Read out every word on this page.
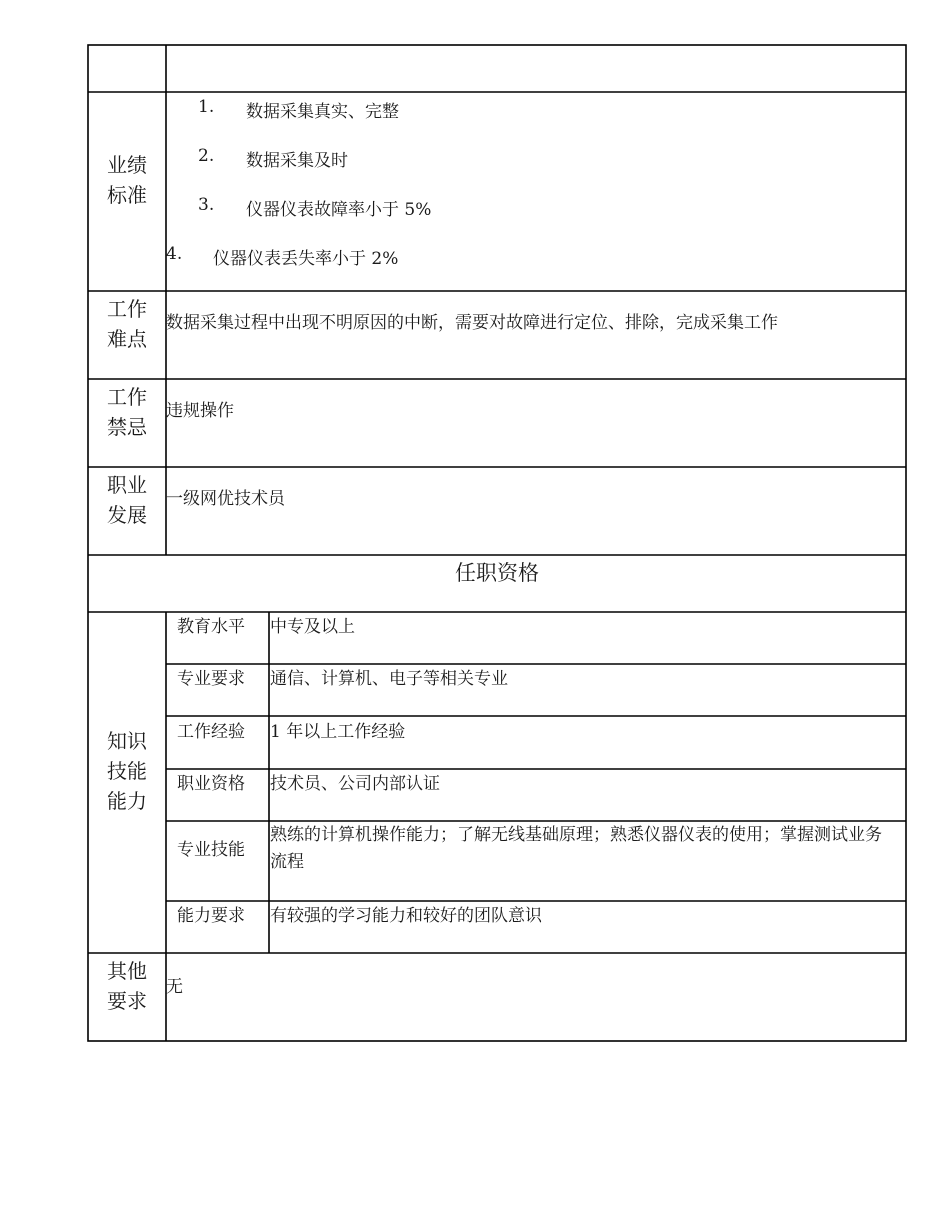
业绩
标准
1. 数据采集真实、完整
2. 数据采集及时
3. 仪器仪表故障率小于 5%
4. 仪器仪表丢失率小于 2%
工作
难点
数据采集过程中出现不明原因的中断，需要对故障进行定位、排除，完成采集工作
工作
禁忌
违规操作
职业
发展
一级网优技术员
任职资格
知识
技能
能力
教育水平 中专及以上
专业要求 通信、计算机、电子等相关专业
工作经验 1 年以上工作经验
职业资格 技术员、公司内部认证
专业技能
熟练的计算机操作能力；了解无线基础原理；熟悉仪器仪表的使用；掌握测试业务流程
能力要求 有较强的学习能力和较好的团队意识
其他
要求
无
